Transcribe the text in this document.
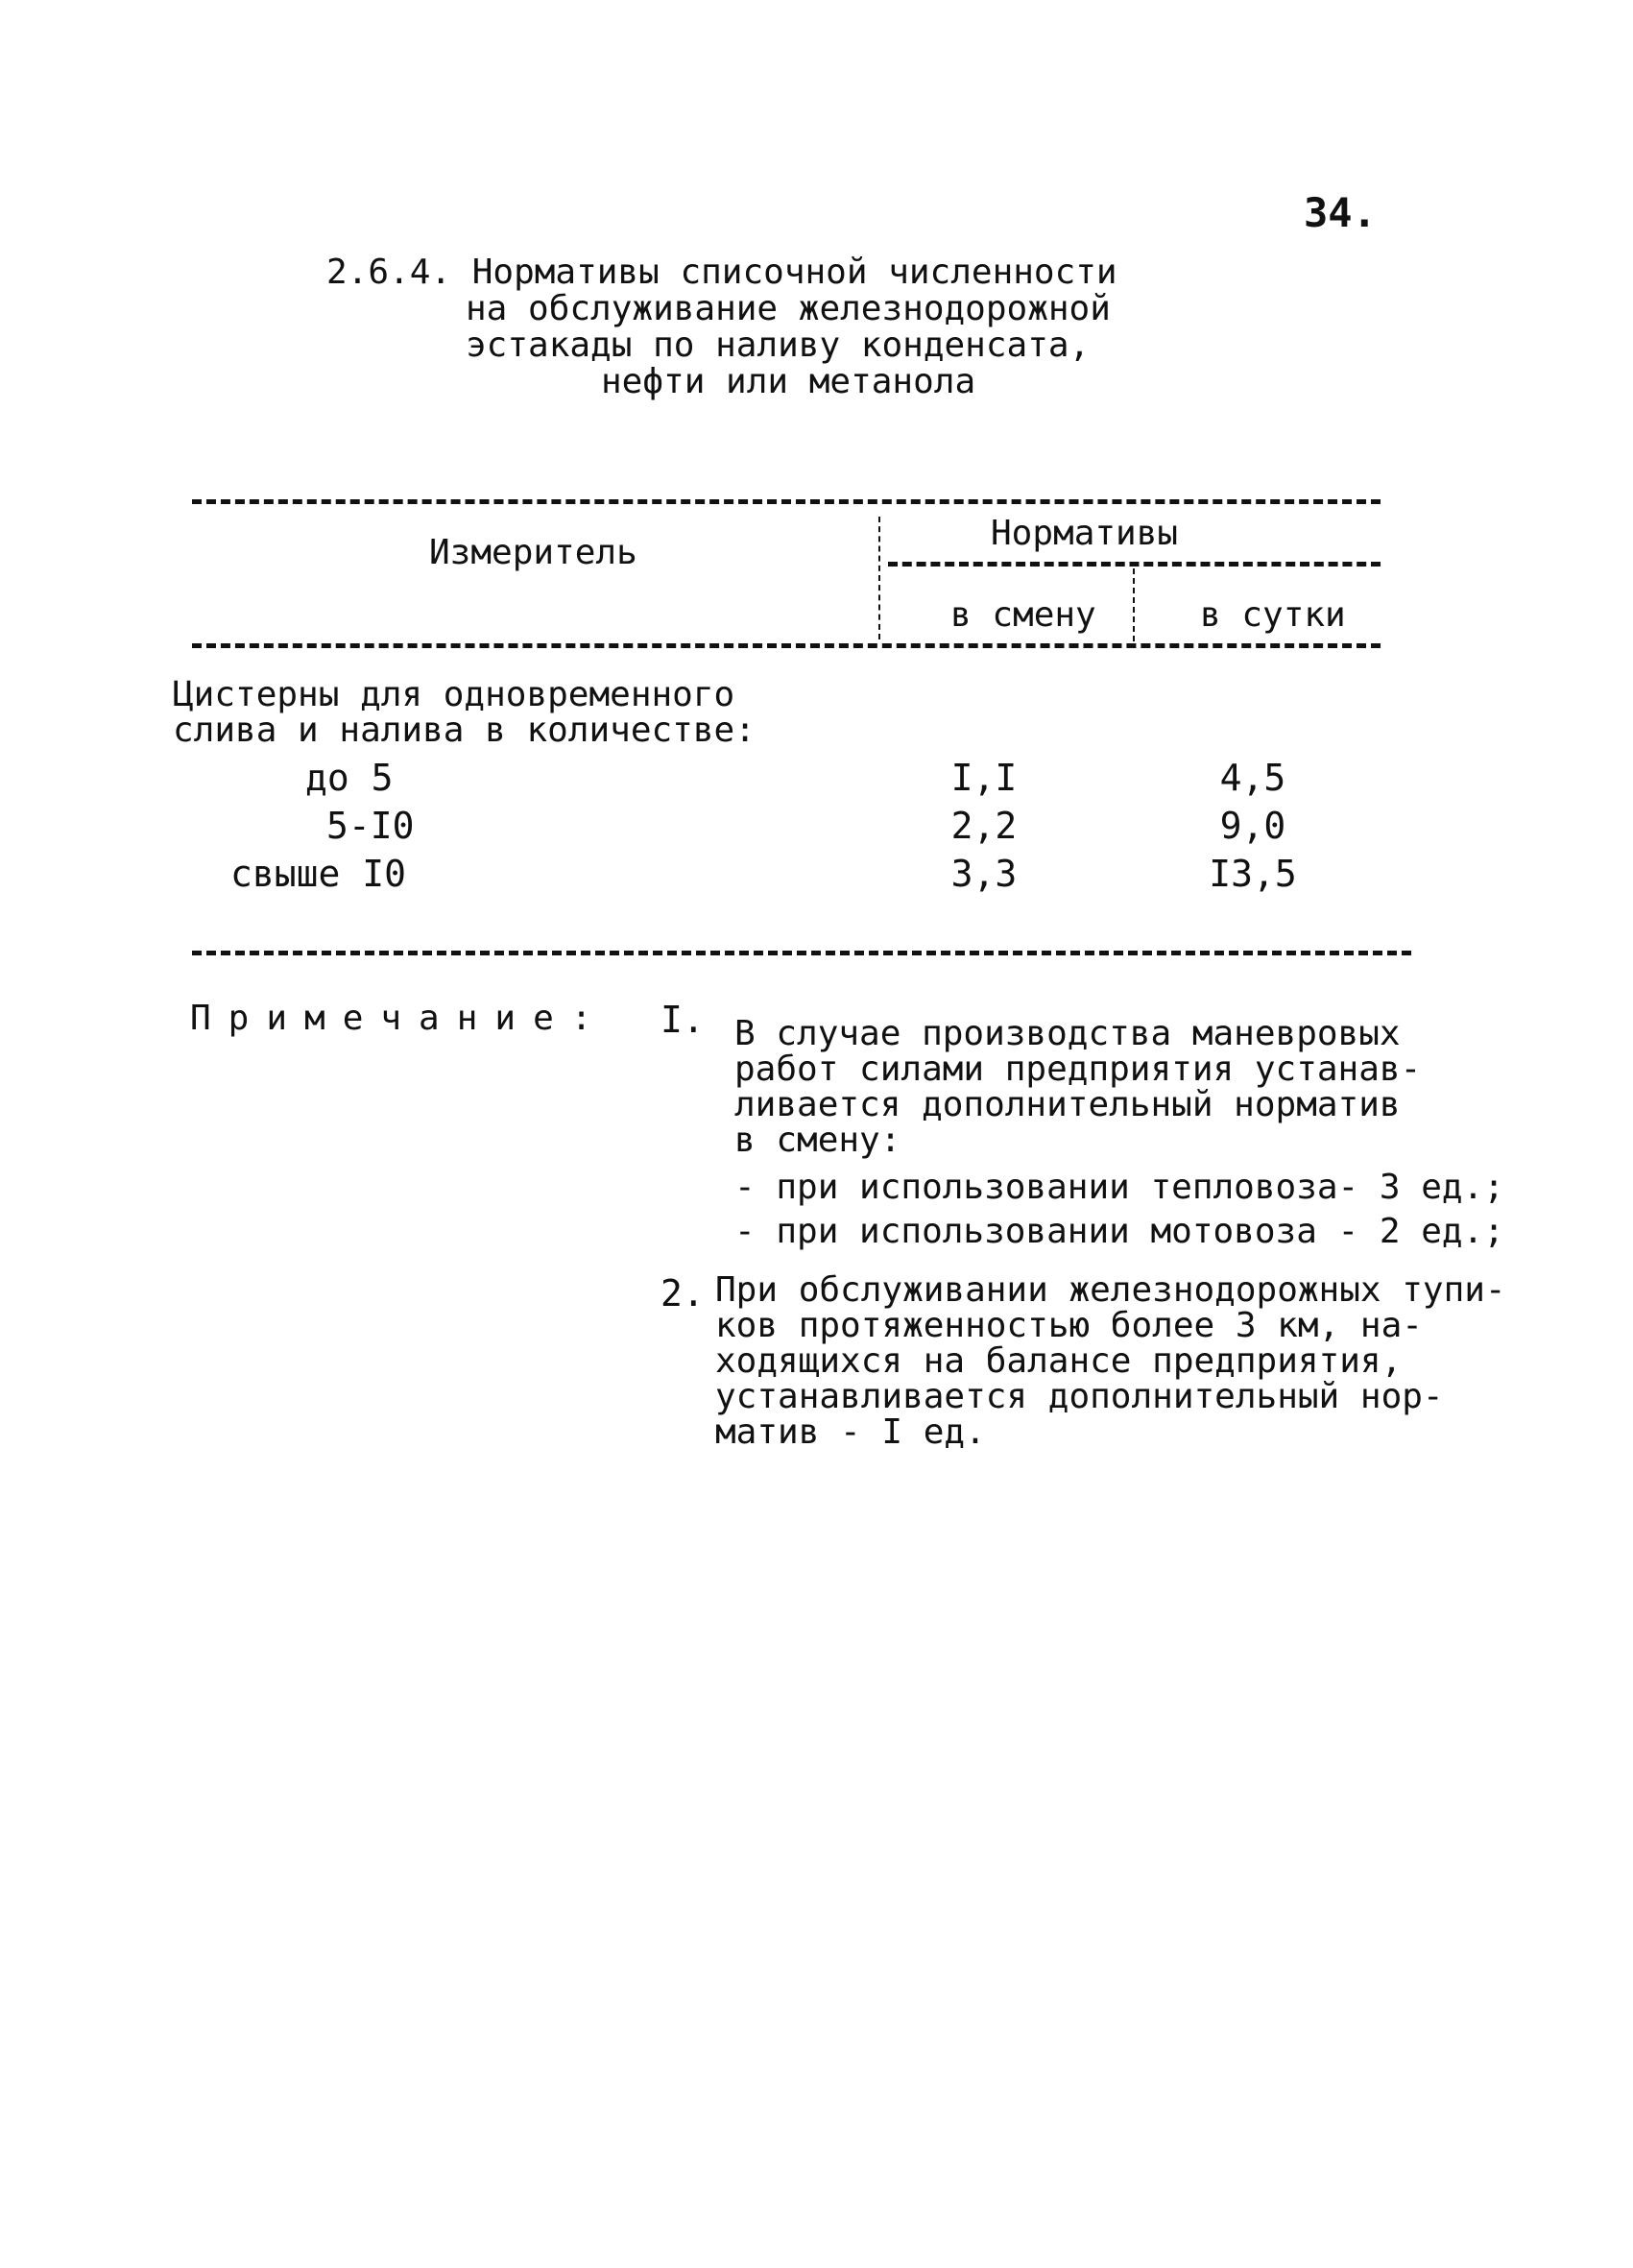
34.
2.6.4. Нормативы списочной численности
на обслуживание железнодорожной
эстакады по наливу конденсата,
нефти или метанола
Измеритель	Нормативы
в смену	в сутки
Цистерны для одновременного
слива и налива в количестве:
до 5	I,I	4,5
5-I0	2,2	9,0
свыше I0	3,3	I3,5
Примечание: I. В случае производства маневровых
работ силами предприятия устанав-
ливается дополнительный норматив
в смену:
- при использовании тепловоза- 3 ед.;
- при использовании мотовоза - 2 ед.;
2. При обслуживании железнодорожных тупи-
ков протяженностью более 3 км, на-
ходящихся на балансе предприятия,
устанавливается дополнительный нор-
матив - I ед.
